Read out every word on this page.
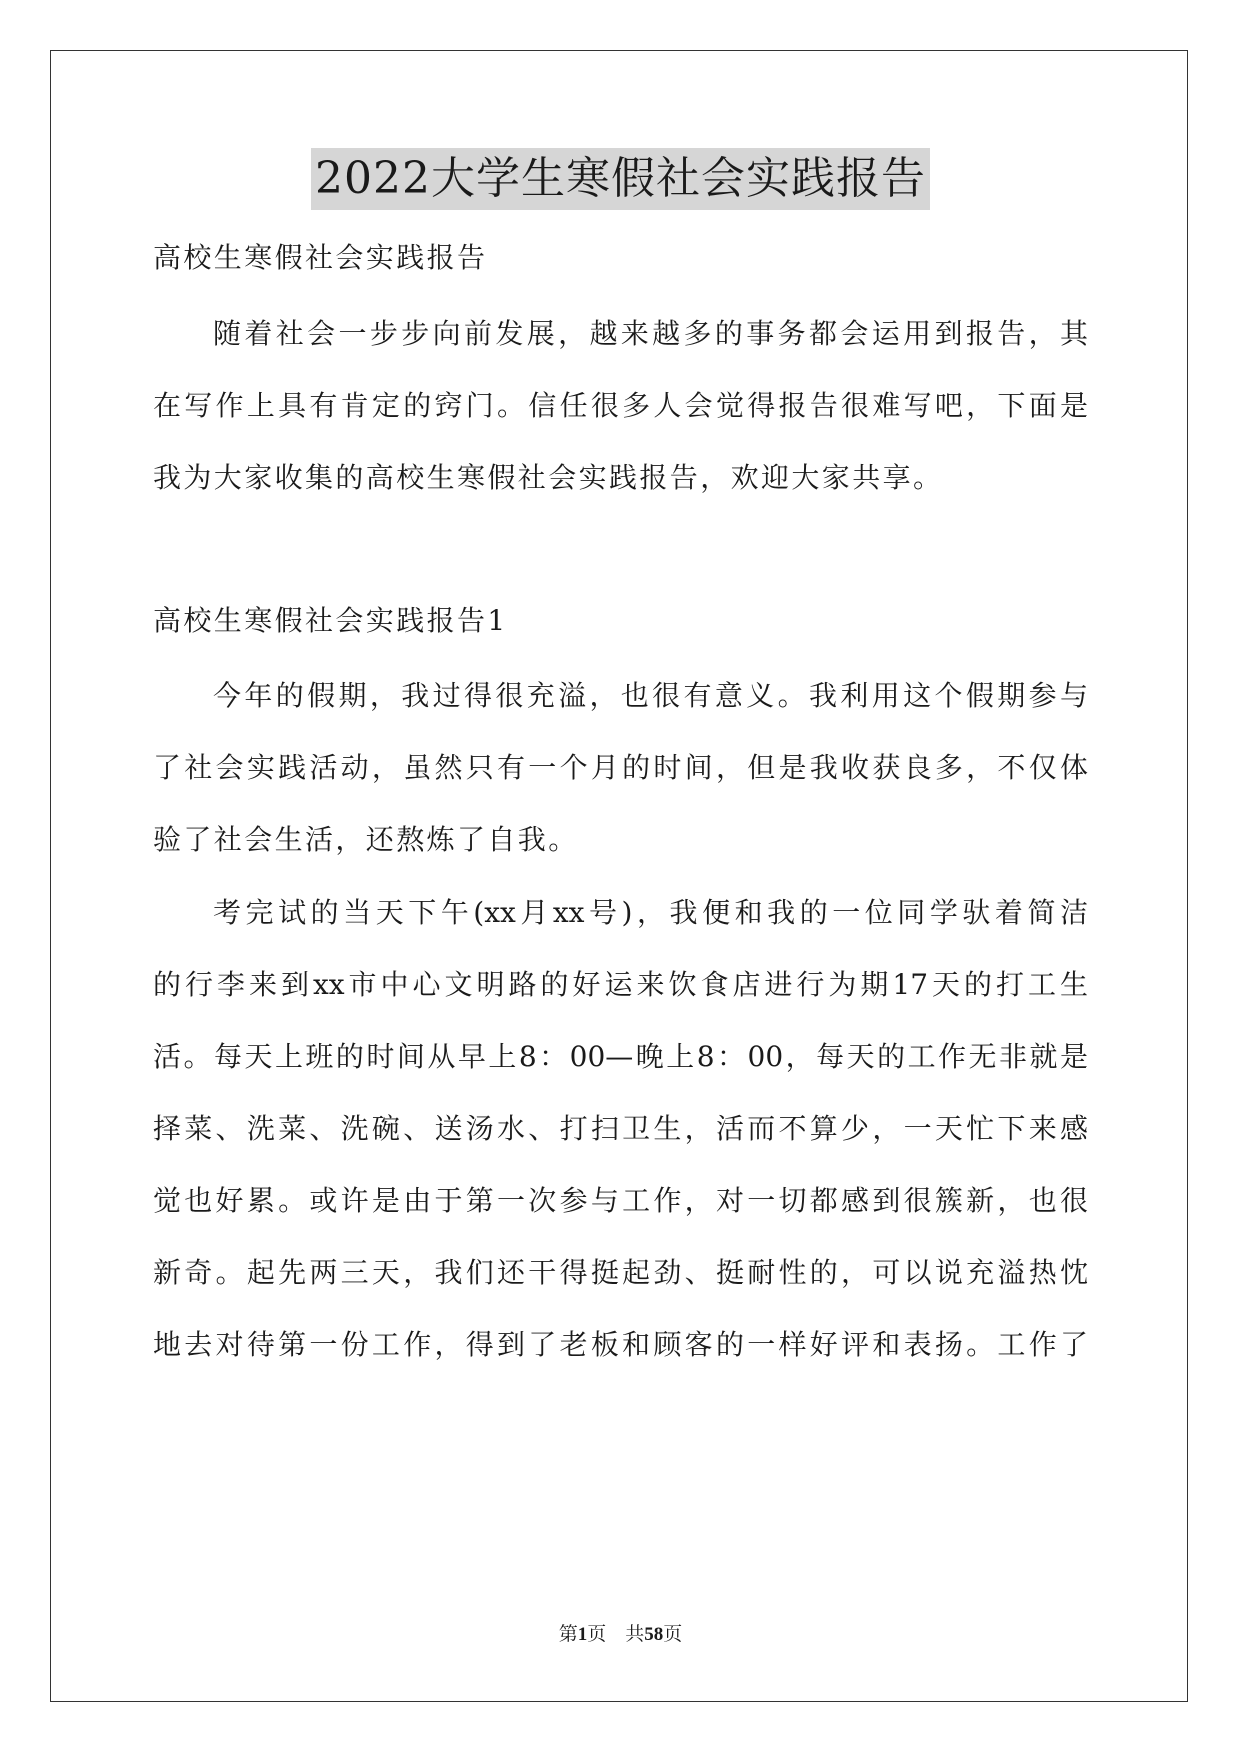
2022大学生寒假社会实践报告
高校生寒假社会实践报告
随着社会一步步向前发展，越来越多的事务都会运用到报告，其
在写作上具有肯定的窍门。信任很多人会觉得报告很难写吧，下面是
我为大家收集的高校生寒假社会实践报告，欢迎大家共享。
高校生寒假社会实践报告1
今年的假期，我过得很充溢，也很有意义。我利用这个假期参与
了社会实践活动，虽然只有一个月的时间，但是我收获良多，不仅体
验了社会生活，还熬炼了自我。
考完试的当天下午(xx月xx号)，我便和我的一位同学驮着简洁
的行李来到xx市中心文明路的好运来饮食店进行为期17天的打工生
活。每天上班的时间从早上8：00—晚上8：00，每天的工作无非就是
择菜、洗菜、洗碗、送汤水、打扫卫生，活而不算少，一天忙下来感
觉也好累。或许是由于第一次参与工作，对一切都感到很簇新，也很
新奇。起先两三天，我们还干得挺起劲、挺耐性的，可以说充溢热忱
地去对待第一份工作，得到了老板和顾客的一样好评和表扬。工作了
第1页 共58页
